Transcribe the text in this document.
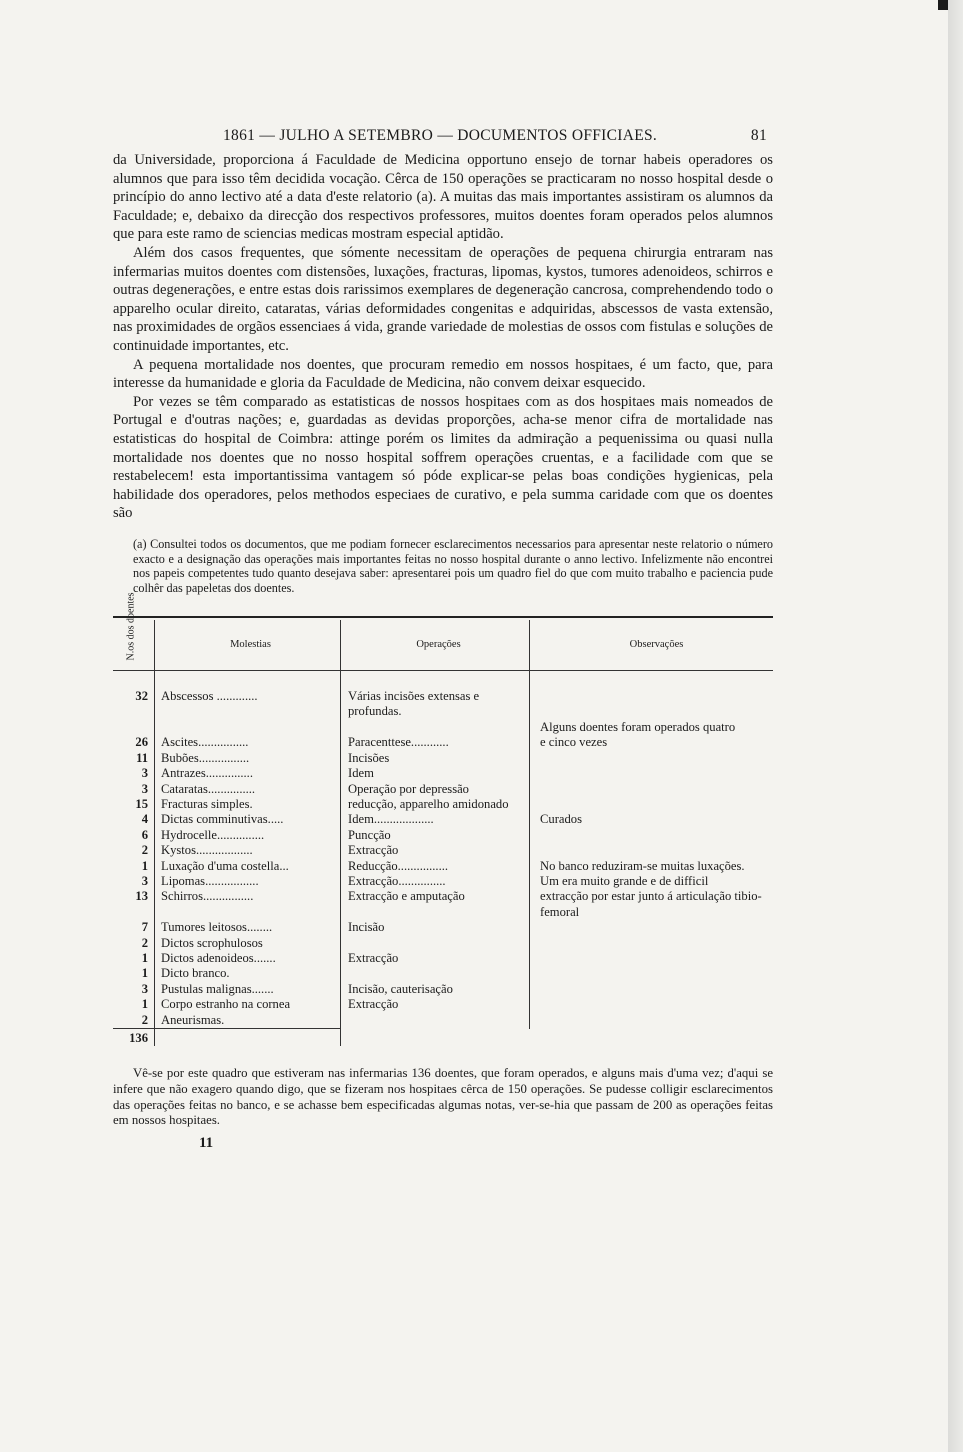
1861 — JULHO A SETEMBRO — DOCUMENTOS OFFICIAES.	81

da Universidade, proporciona á Faculdade de Medicina opportuno ensejo de tornar habeis operadores os alumnos que para isso têm decidida vocação. Cêrca de 150 operações se practicaram no nosso hospital desde o princípio do anno lectivo até a data d'este relatorio (a). A muitas das mais importantes assistiram os alumnos da Faculdade; e, debaixo da direcção dos respectivos professores, muitos doentes foram operados pelos alumnos que para este ramo de sciencias medicas mostram especial aptidão.

Além dos casos frequentes, que sómente necessitam de operações de pequena chirurgia entraram nas infermarias muitos doentes com distensões, luxações, fracturas, lipomas, kystos, tumores adenoideos, schirros e outras degenerações, e entre estas dois rarissimos exemplares de degeneração cancrosa, comprehendendo todo o apparelho ocular direito, cataratas, várias deformidades congenitas e adquiridas, abscessos de vasta extensão, nas proximidades de orgãos essenciaes á vida, grande variedade de molestias de ossos com fistulas e soluções de continuidade importantes, etc.

A pequena mortalidade nos doentes, que procuram remedio em nossos hospitaes, é um facto, que, para interesse da humanidade e gloria da Faculdade de Medicina, não convem deixar esquecido.

Por vezes se têm comparado as estatisticas de nossos hospitaes com as dos hospitaes mais nomeados de Portugal e d'outras nações; e, guardadas as devidas proporções, acha-se menor cifra de mortalidade nas estatisticas do hospital de Coimbra: attinge porém os limites da admiração a pequenissima ou quasi nulla mortalidade nos doentes que no nosso hospital soffrem operações cruentas, e a facilidade com que se restabelecem! esta importantissima vantagem só póde explicar-se pelas boas condições hygienicas, pela habilidade dos operadores, pelos methodos especiaes de curativo, e pela summa caridade com que os doentes são

(a) Consultei todos os documentos, que me podiam fornecer esclarecimentos necessarios para apresentar neste relatorio o número exacto e a designação das operações mais importantes feitas no nosso hospital durante o anno lectivo. Infelizmente não encontrei nos papeis competentes tudo quanto desejava saber: apresentarei pois um quadro fiel do que com muito trabalho e paciencia pude colhêr das papeletas dos doentes.
N.os dos doentes	Molestias	Operações	Observações

32	Abscessos .............	Várias incisões extensas e profundas.	
			Alguns doentes foram operados quatro
26	Ascites................	Paracenttese............	e cinco vezes
11	Bubões................	Incisões	
3	Antrazes...............	Idem	
3	Cataratas...............	Operação por depressão	
15	Fracturas simples.	reducção, apparelho amidonado	
4	Dictas comminutivas.....	Idem...................	Curados
6	Hydrocelle...............	Puncção	
2	Kystos..................	Extracção	
1	Luxação d'uma costella...	Reducção................	No banco reduziram-se muitas luxações.
3	Lipomas.................	Extracção...............	Um era muito grande e de difficil
13	Schirros................	Extracção e amputação	extracção por estar junto á articulação tibio-femoral
7	Tumores leitosos........	Incisão	
2	Dictos scrophulosos		
1	Dictos adenoideos.......	Extracção	
1	Dicto branco.		
3	Pustulas malignas.......	Incisão, cauterisação	
1	Corpo estranho na cornea	Extracção	
2	Aneurismas.		
136			

Vê-se por este quadro que estiveram nas infermarias 136 doentes, que foram operados, e alguns mais d'uma vez; d'aqui se infere que não exagero quando digo, que se fizeram nos hospitaes cêrca de 150 operações. Se pudesse colligir esclarecimentos das operações feitas no banco, e se achasse bem especificadas algumas notas, ver-se-hia que passam de 200 as operações feitas em nossos hospitaes.

11
